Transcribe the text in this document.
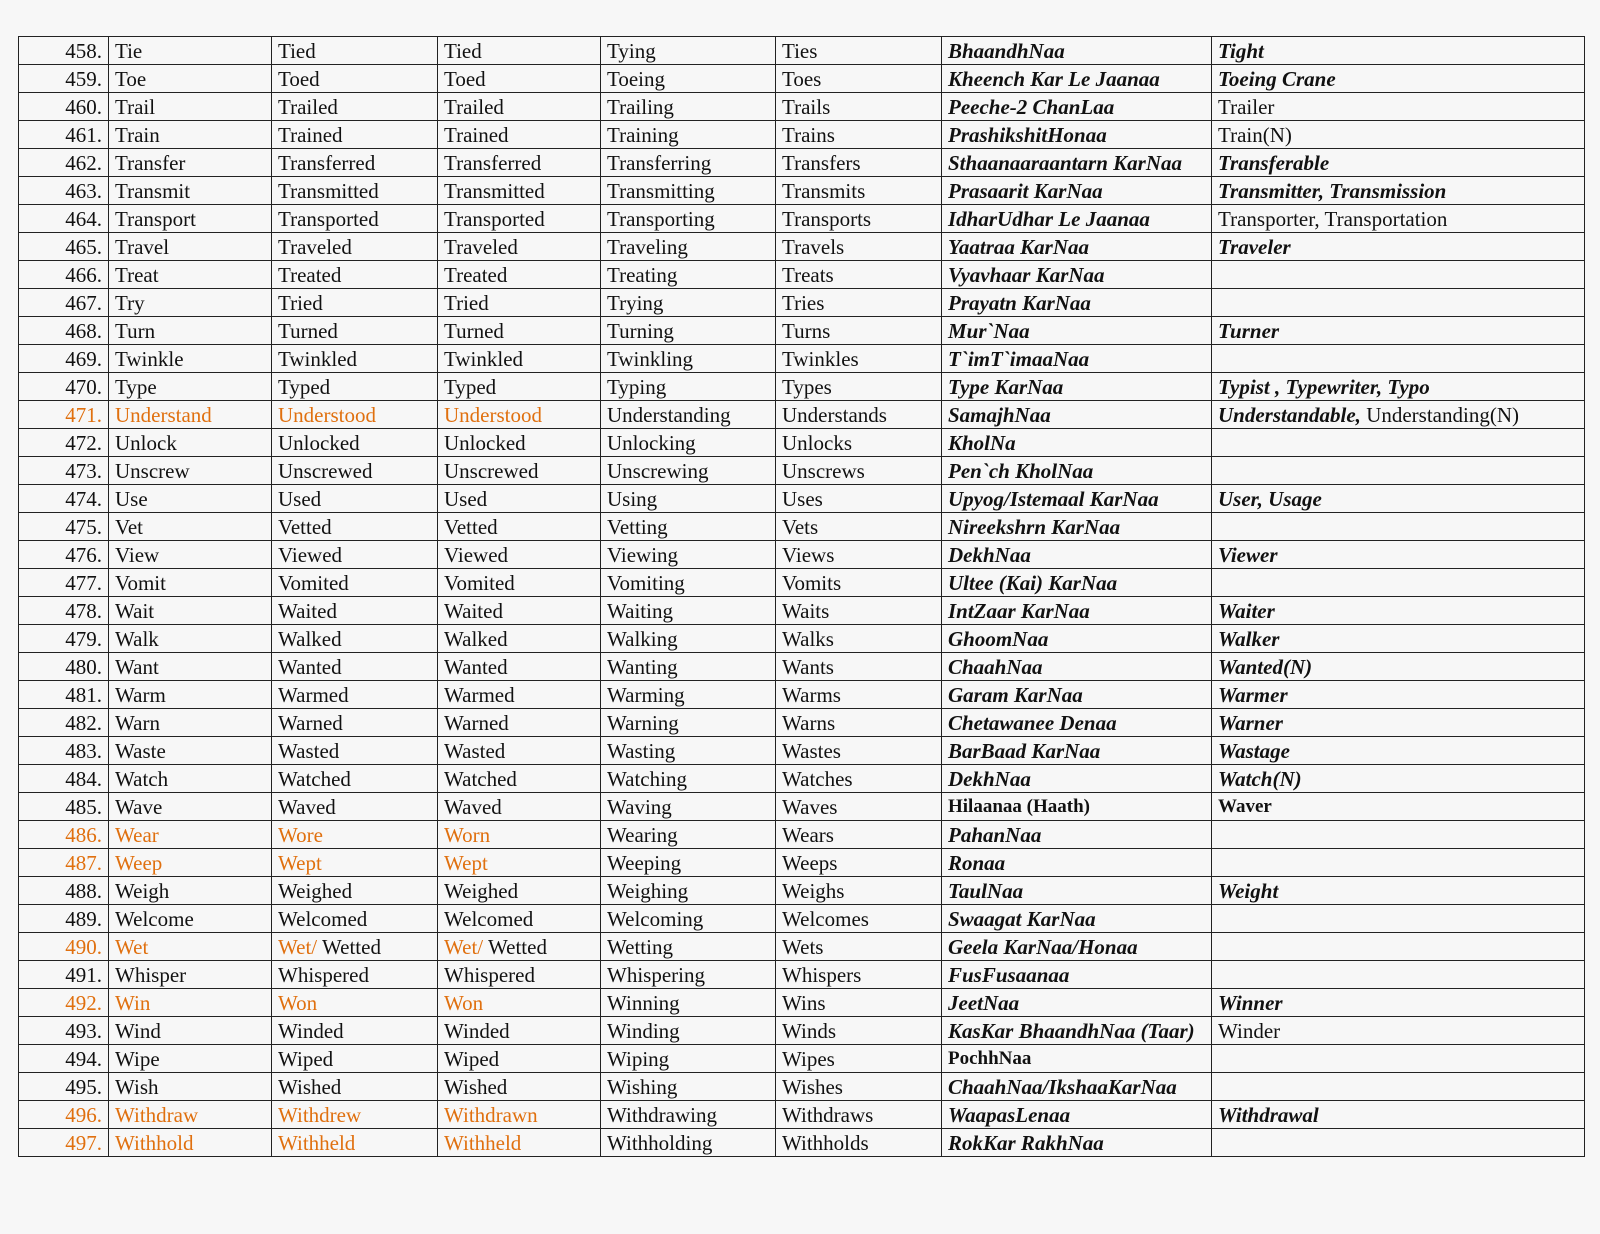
458.	Tie	Tied	Tied	Tying	Ties	BhaandhNaa	Tight
459.	Toe	Toed	Toed	Toeing	Toes	Kheench Kar Le Jaanaa	Toeing Crane
460.	Trail	Trailed	Trailed	Trailing	Trails	Peeche-2 ChanLaa	Trailer
461.	Train	Trained	Trained	Training	Trains	PrashikshitHonaa	Train(N)
462.	Transfer	Transferred	Transferred	Transferring	Transfers	Sthaanaaraantarn KarNaa	Transferable
463.	Transmit	Transmitted	Transmitted	Transmitting	Transmits	Prasaarit KarNaa	Transmitter, Transmission
464.	Transport	Transported	Transported	Transporting	Transports	IdharUdhar Le Jaanaa	Transporter, Transportation
465.	Travel	Traveled	Traveled	Traveling	Travels	Yaatraa KarNaa	Traveler
466.	Treat	Treated	Treated	Treating	Treats	Vyavhaar KarNaa	
467.	Try	Tried	Tried	Trying	Tries	Prayatn KarNaa	
468.	Turn	Turned	Turned	Turning	Turns	Mur`Naa	Turner
469.	Twinkle	Twinkled	Twinkled	Twinkling	Twinkles	T`imT`imaaNaa	
470.	Type	Typed	Typed	Typing	Types	Type KarNaa	Typist , Typewriter, Typo
471.	Understand	Understood	Understood	Understanding	Understands	SamajhNaa	Understandable, Understanding(N)
472.	Unlock	Unlocked	Unlocked	Unlocking	Unlocks	KholNa	
473.	Unscrew	Unscrewed	Unscrewed	Unscrewing	Unscrews	Pen`ch KholNaa	
474.	Use	Used	Used	Using	Uses	Upyog/Istemaal KarNaa	User, Usage
475.	Vet	Vetted	Vetted	Vetting	Vets	Nireekshrn KarNaa	
476.	View	Viewed	Viewed	Viewing	Views	DekhNaa	Viewer
477.	Vomit	Vomited	Vomited	Vomiting	Vomits	Ultee (Kai) KarNaa	
478.	Wait	Waited	Waited	Waiting	Waits	IntZaar KarNaa	Waiter
479.	Walk	Walked	Walked	Walking	Walks	GhoomNaa	Walker
480.	Want	Wanted	Wanted	Wanting	Wants	ChaahNaa	Wanted(N)
481.	Warm	Warmed	Warmed	Warming	Warms	Garam KarNaa	Warmer
482.	Warn	Warned	Warned	Warning	Warns	Chetawanee Denaa	Warner
483.	Waste	Wasted	Wasted	Wasting	Wastes	BarBaad KarNaa	Wastage
484.	Watch	Watched	Watched	Watching	Watches	DekhNaa	Watch(N)
485.	Wave	Waved	Waved	Waving	Waves	Hilaanaa (Haath)	Waver
486.	Wear	Wore	Worn	Wearing	Wears	PahanNaa	
487.	Weep	Wept	Wept	Weeping	Weeps	Ronaa	
488.	Weigh	Weighed	Weighed	Weighing	Weighs	TaulNaa	Weight
489.	Welcome	Welcomed	Welcomed	Welcoming	Welcomes	Swaagat KarNaa	
490.	Wet	Wet/ Wetted	Wet/ Wetted	Wetting	Wets	Geela KarNaa/Honaa	
491.	Whisper	Whispered	Whispered	Whispering	Whispers	FusFusaanaa	
492.	Win	Won	Won	Winning	Wins	JeetNaa	Winner
493.	Wind	Winded	Winded	Winding	Winds	KasKar BhaandhNaa (Taar)	Winder
494.	Wipe	Wiped	Wiped	Wiping	Wipes	PochhNaa	
495.	Wish	Wished	Wished	Wishing	Wishes	ChaahNaa/IkshaaKarNaa	
496.	Withdraw	Withdrew	Withdrawn	Withdrawing	Withdraws	WaapasLenaa	Withdrawal
497.	Withhold	Withheld	Withheld	Withholding	Withholds	RokKar RakhNaa	
